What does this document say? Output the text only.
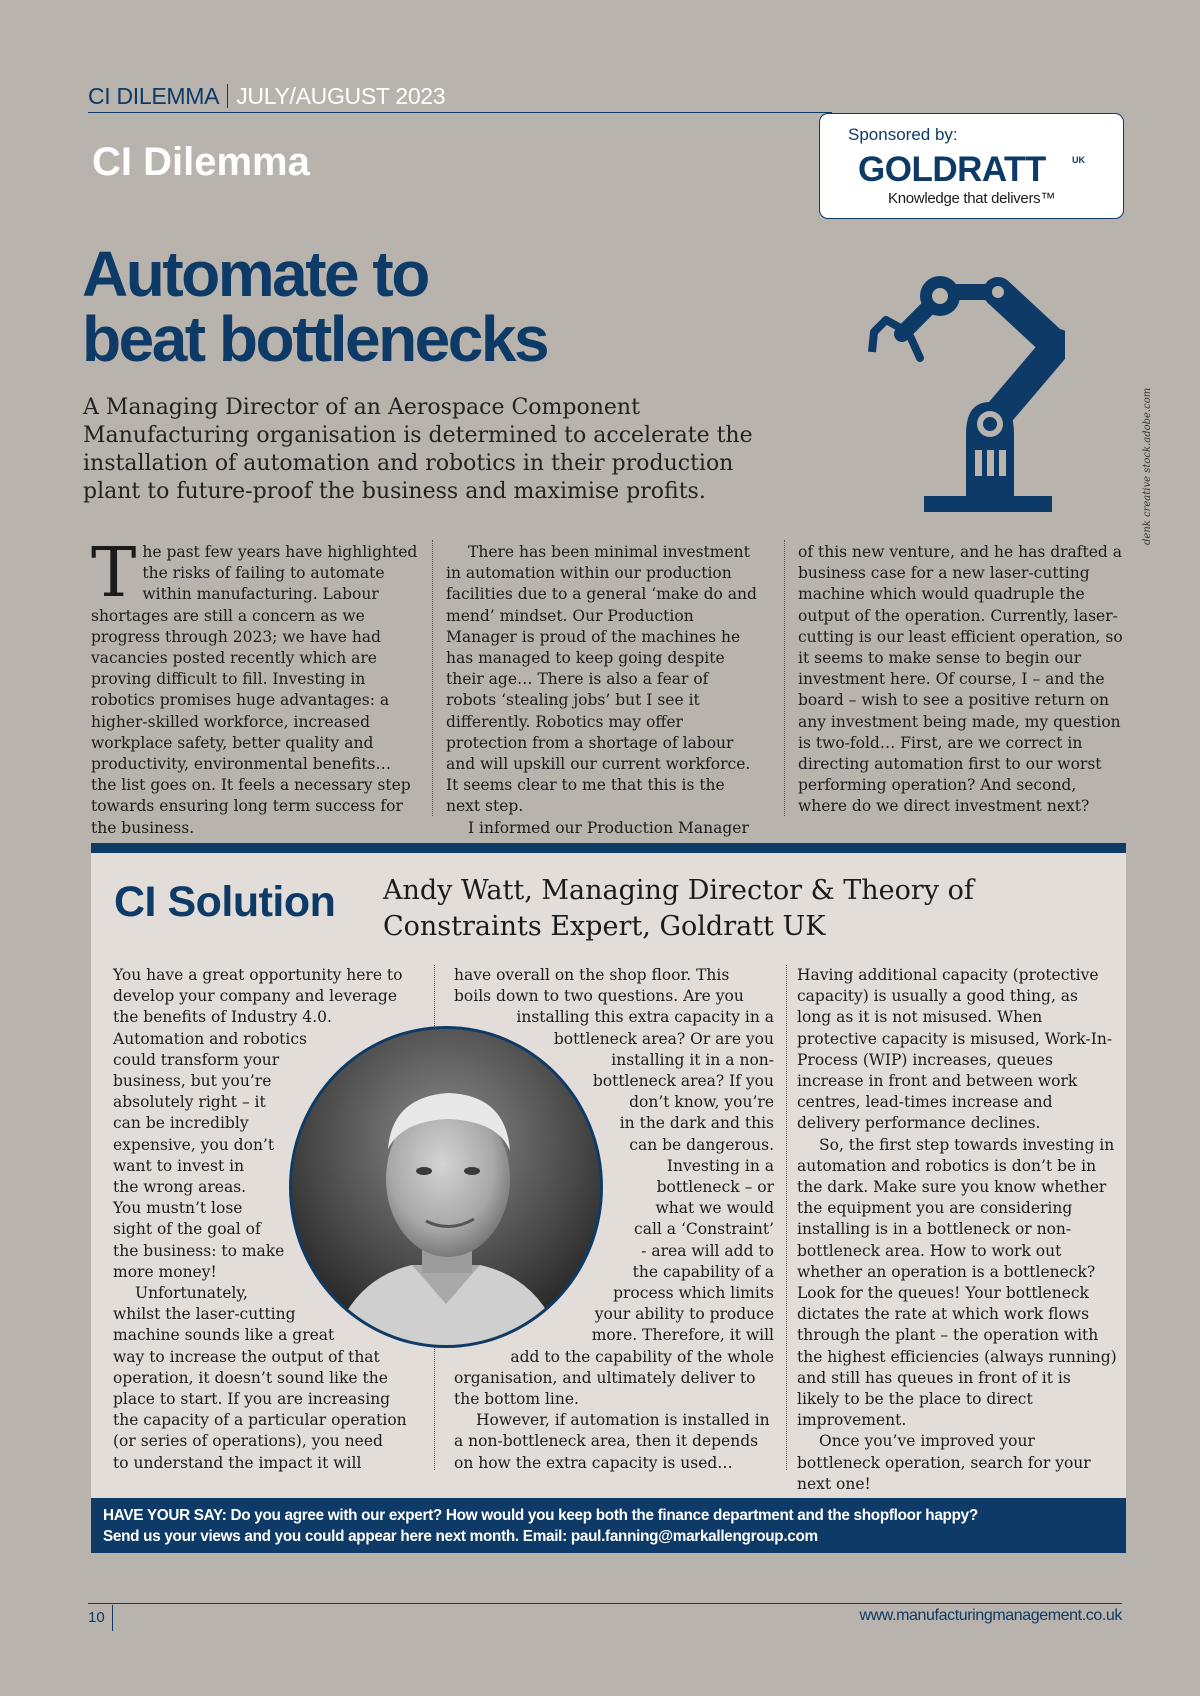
CI DILEMMA JULY/AUGUST 2023
CI Dilemma
Sponsored by:
GOLDRATT	UK
Knowledge that delivers™
Automate to
beat bottlenecks
A Managing Director of an Aerospace Component Manufacturing organisation is determined to accelerate the installation of automation and robotics in their production plant to future-proof the business and maximise profits.	denk creative stock.adobe.com
T he past few years have highlighted the risks of failing to automate within manufacturing. Labour shortages are still a concern as we progress through 2023; we have had vacancies posted recently which are proving difficult to fill. Investing in robotics promises huge advantages: a higher-skilled workforce, increased workplace safety, better quality and productivity, environmental benefits… the list goes on. It feels a necessary step towards ensuring long term success for the business.

There has been minimal investment in automation within our production facilities due to a general ‘make do and mend’ mindset. Our Production Manager is proud of the machines he has managed to keep going despite their age… There is also a fear of robots ‘stealing jobs’ but I see it differently. Robotics may offer protection from a shortage of labour and will upskill our current workforce. It seems clear to me that this is the next step.

I informed our Production Manager

of this new venture, and he has drafted a business case for a new laser-cutting machine which would quadruple the output of the operation. Currently, laser-cutting is our least efficient operation, so it seems to make sense to begin our investment here. Of course, I – and the board – wish to see a positive return on any investment being made, my question is two-fold… First, are we correct in directing automation first to our worst performing operation? And second, where do we direct investment next?

CI Solution Andy Watt, Managing Director & Theory of Constraints Expert, Goldratt UK
You have a great opportunity here to
develop your company and leverage
the benefits of Industry 4.0.
Automation and robotics
could transform your
business, but you’re
absolutely right – it
can be incredibly
expensive, you don’t
want to invest in
the wrong areas.
You mustn’t lose
sight of the goal of
the business: to make
more money!
Unfortunately,
whilst the laser-cutting
machine sounds like a great
way to increase the output of that
operation, it doesn’t sound like the
place to start. If you are increasing
the capacity of a particular operation
(or series of operations), you need
to understand the impact it will
have overall on the shop floor. This
boils down to two questions. Are you
installing this extra capacity in a
bottleneck area? Or are you
installing it in a non-
bottleneck area? If you
don’t know, you’re
in the dark and this
can be dangerous.
Investing in a
bottleneck – or
what we would
call a ‘Constraint’
- area will add to
the capability of a
process which limits
your ability to produce
more. Therefore, it will
add to the capability of the whole
organisation, and ultimately deliver to
the bottom line.
However, if automation is installed in
a non-bottleneck area, then it depends
on how the extra capacity is used…

Having additional capacity (protective capacity) is usually a good thing, as long as it is not misused. When protective capacity is misused, Work-In-Process (WIP) increases, queues increase in front and between work centres, lead-times increase and delivery performance declines.

So, the first step towards investing in automation and robotics is don’t be in the dark. Make sure you know whether the equipment you are considering installing is in a bottleneck or non-bottleneck area. How to work out whether an operation is a bottleneck? Look for the queues! Your bottleneck dictates the rate at which work flows through the plant – the operation with the highest efficiencies (always running) and still has queues in front of it is likely to be the place to direct improvement.

Once you’ve improved your bottleneck operation, search for your next one!

HAVE YOUR SAY: Do you agree with our expert? How would you keep both the finance department and the shopfloor happy?
Send us your views and you could appear here next month. Email: paul.fanning@markallengroup.com
10	www.manufacturingmanagement.co.uk
